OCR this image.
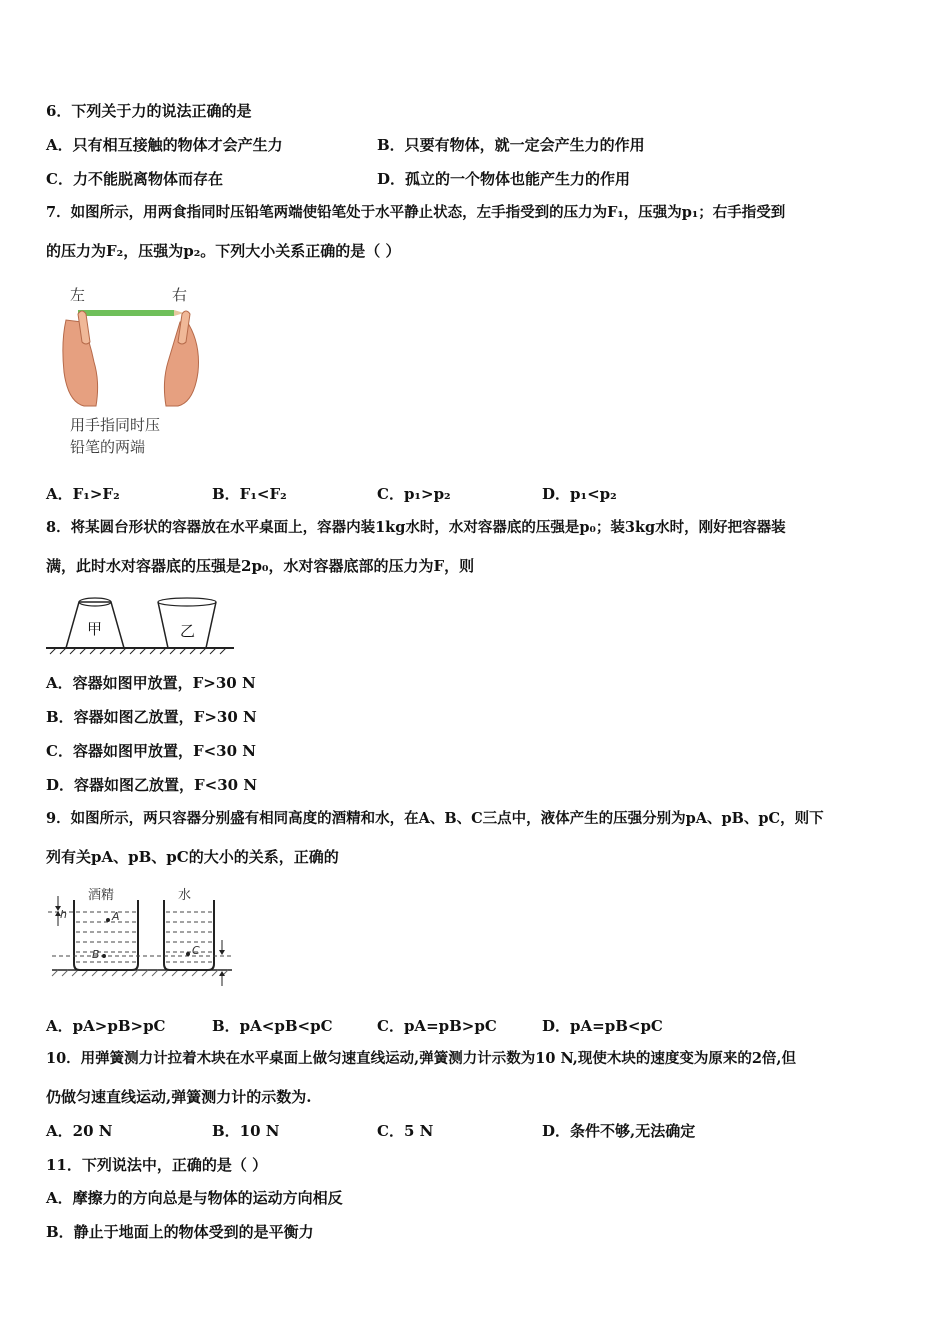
6．下列关于力的说法正确的是
A．只有相互接触的物体才会产生力	B．只要有物体，就一定会产生力的作用
C．力不能脱离物体而存在	D．孤立的一个物体也能产生力的作用
7．如图所示，用两食指同时压铅笔两端使铅笔处于水平静止状态，左手指受到的压力为F₁，压强为p₁；右手指受到
的压力为F₂，压强为p₂。下列大小关系正确的是（ ）
左	右
用手指同时压
铅笔的两端
A．F₁>F₂	B．F₁<F₂	C．p₁>p₂	D．p₁<p₂
8．将某圆台形状的容器放在水平桌面上，容器内装1kg水时，水对容器底的压强是p₀；装3kg水时，刚好把容器装
满，此时水对容器底的压强是2p₀，水对容器底部的压力为F，则
甲	乙
A．容器如图甲放置，F>30 N
B．容器如图乙放置，F>30 N
C．容器如图甲放置，F<30 N
D．容器如图乙放置，F<30 N
9．如图所示，两只容器分别盛有相同高度的酒精和水，在A、B、C三点中，液体产生的压强分别为pA、pB、pC，则下
列有关pA、pB、pC的大小的关系，正确的
酒精	水
h	A
B	C
A．pA>pB>pC	B．pA<pB<pC	C．pA=pB>pC	D．pA=pB<pC
10．用弹簧测力计拉着木块在水平桌面上做匀速直线运动,弹簧测力计示数为10 N,现使木块的速度变为原来的2倍,但
仍做匀速直线运动,弹簧测力计的示数为.
A．20 N	B．10 N	C．5 N	D．条件不够,无法确定
11．下列说法中，正确的是（ ）
A．摩擦力的方向总是与物体的运动方向相反
B．静止于地面上的物体受到的是平衡力
